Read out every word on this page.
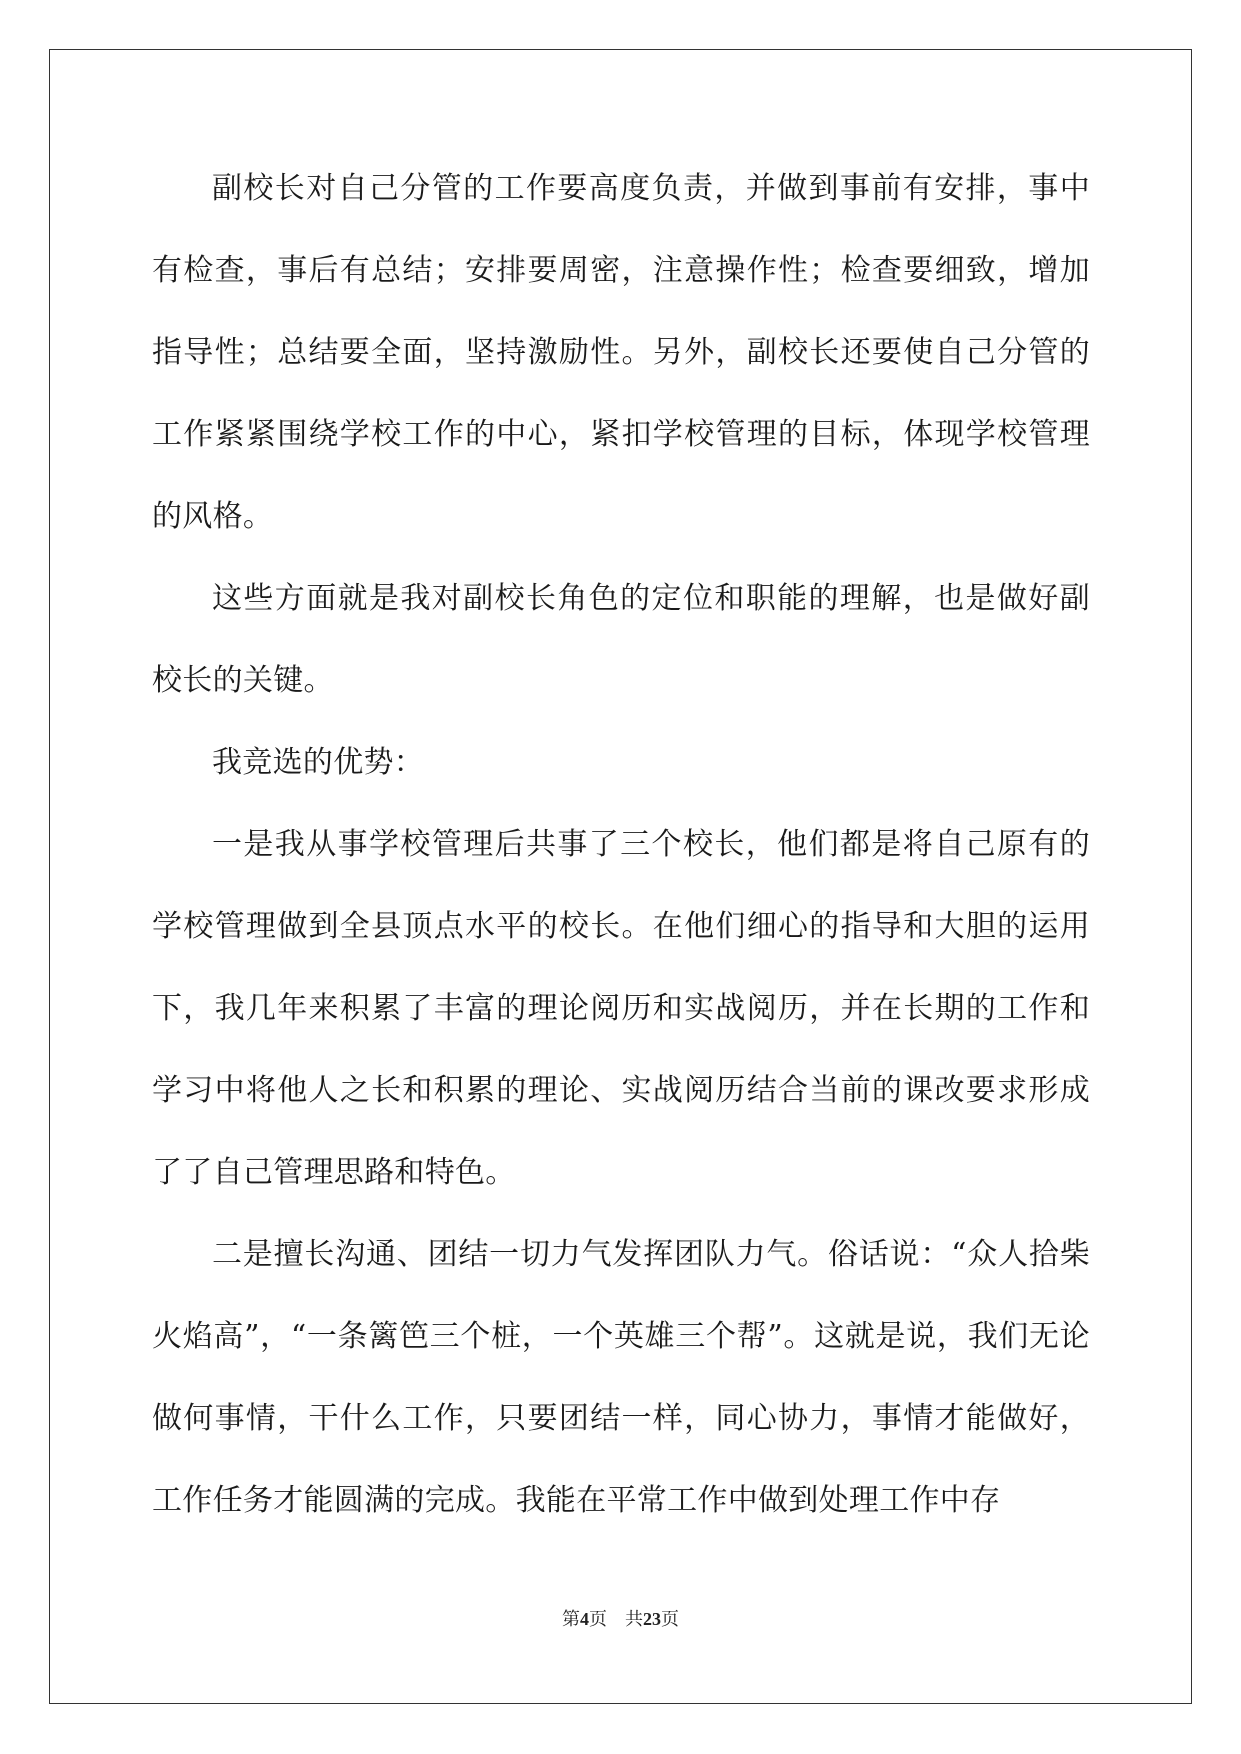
副校长对自己分管的工作要高度负责，并做到事前有安排，事中有检查，事后有总结；安排要周密，注意操作性；检查要细致，增加指导性；总结要全面，坚持激励性。另外，副校长还要使自己分管的工作紧紧围绕学校工作的中心，紧扣学校管理的目标，体现学校管理的风格。

这些方面就是我对副校长角色的定位和职能的理解，也是做好副校长的关键。

我竞选的优势：

一是我从事学校管理后共事了三个校长，他们都是将自己原有的学校管理做到全县顶点水平的校长。在他们细心的指导和大胆的运用下，我几年来积累了丰富的理论阅历和实战阅历，并在长期的工作和学习中将他人之长和积累的理论、实战阅历结合当前的课改要求形成了了自己管理思路和特色。

二是擅长沟通、团结一切力气发挥团队力气。俗话说：“众人拾柴火焰高”，“一条篱笆三个桩，一个英雄三个帮”。这就是说，我们无论做何事情，干什么工作，只要团结一样，同心协力，事情才能做好，工作任务才能圆满的完成。我能在平常工作中做到处理工作中存

第4页 共23页
